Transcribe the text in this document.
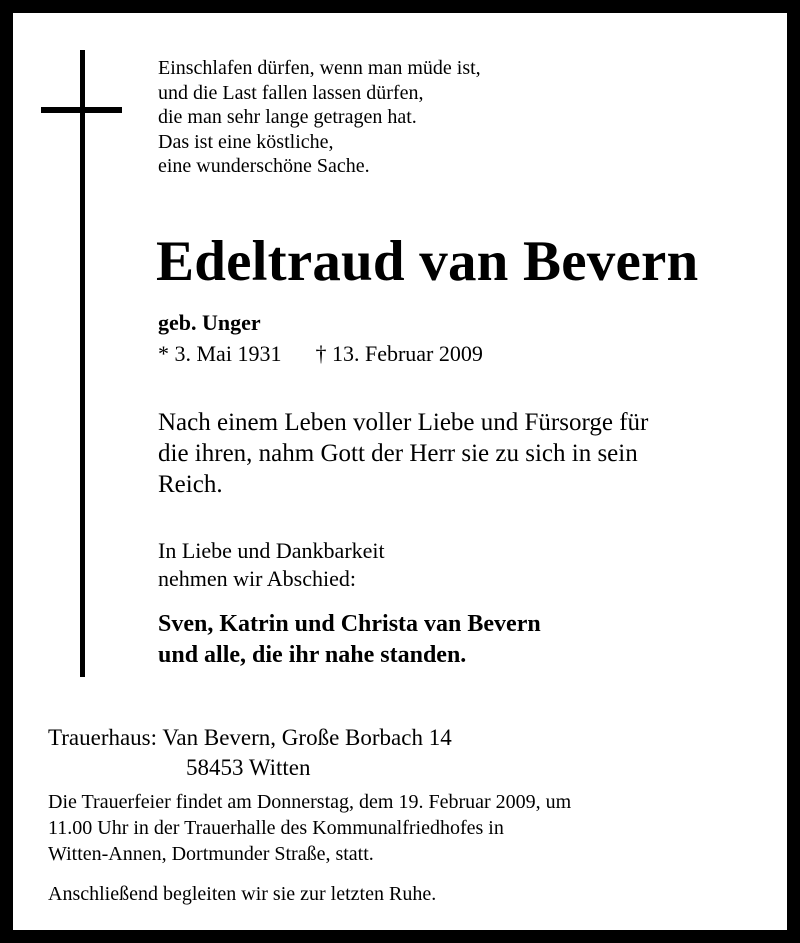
Einschlafen dürfen, wenn man müde ist,
und die Last fallen lassen dürfen,
die man sehr lange getragen hat.
Das ist eine köstliche,
eine wunderschöne Sache.
Edeltraud van Bevern
geb. Unger
* 3. Mai 1931 † 13. Februar 2009
Nach einem Leben voller Liebe und Fürsorge für
die ihren, nahm Gott der Herr sie zu sich in sein
Reich.
In Liebe und Dankbarkeit
nehmen wir Abschied:
Sven, Katrin und Christa van Bevern
und alle, die ihr nahe standen.
Trauerhaus: Van Bevern, Große Borbach 14
58453 Witten
Die Trauerfeier findet am Donnerstag, dem 19. Februar 2009, um
11.00 Uhr in der Trauerhalle des Kommunalfriedhofes in
Witten-Annen, Dortmunder Straße, statt.
Anschließend begleiten wir sie zur letzten Ruhe.
